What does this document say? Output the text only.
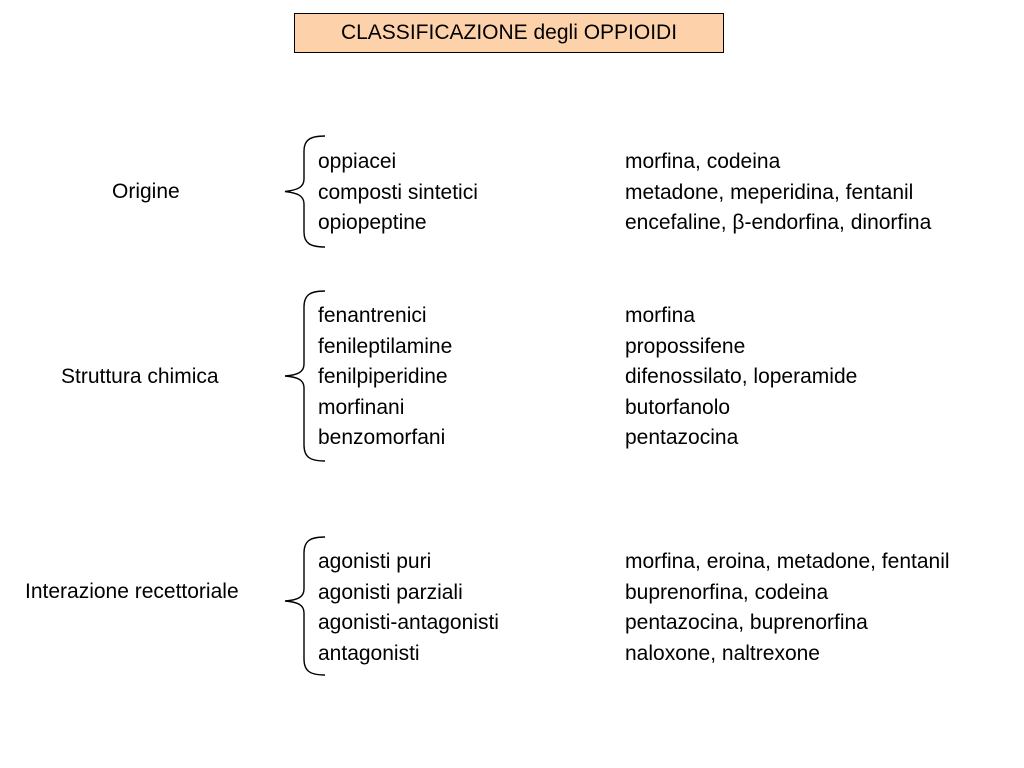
CLASSIFICAZIONE degli OPPIOIDI
Origine
oppiacei
composti sintetici
opiopeptine
morfina, codeina
metadone, meperidina, fentanil
encefaline, β-endorfina, dinorfina
Struttura chimica
fenantrenici
fenileptilamine
fenilpiperidine
morfinani
benzomorfani
morfina
propossifene
difenossilato, loperamide
butorfanolo
pentazocina
Interazione recettoriale
agonisti puri
agonisti parziali
agonisti-antagonisti
antagonisti
morfina, eroina, metadone, fentanil
buprenorfina, codeina
pentazocina, buprenorfina
naloxone, naltrexone
